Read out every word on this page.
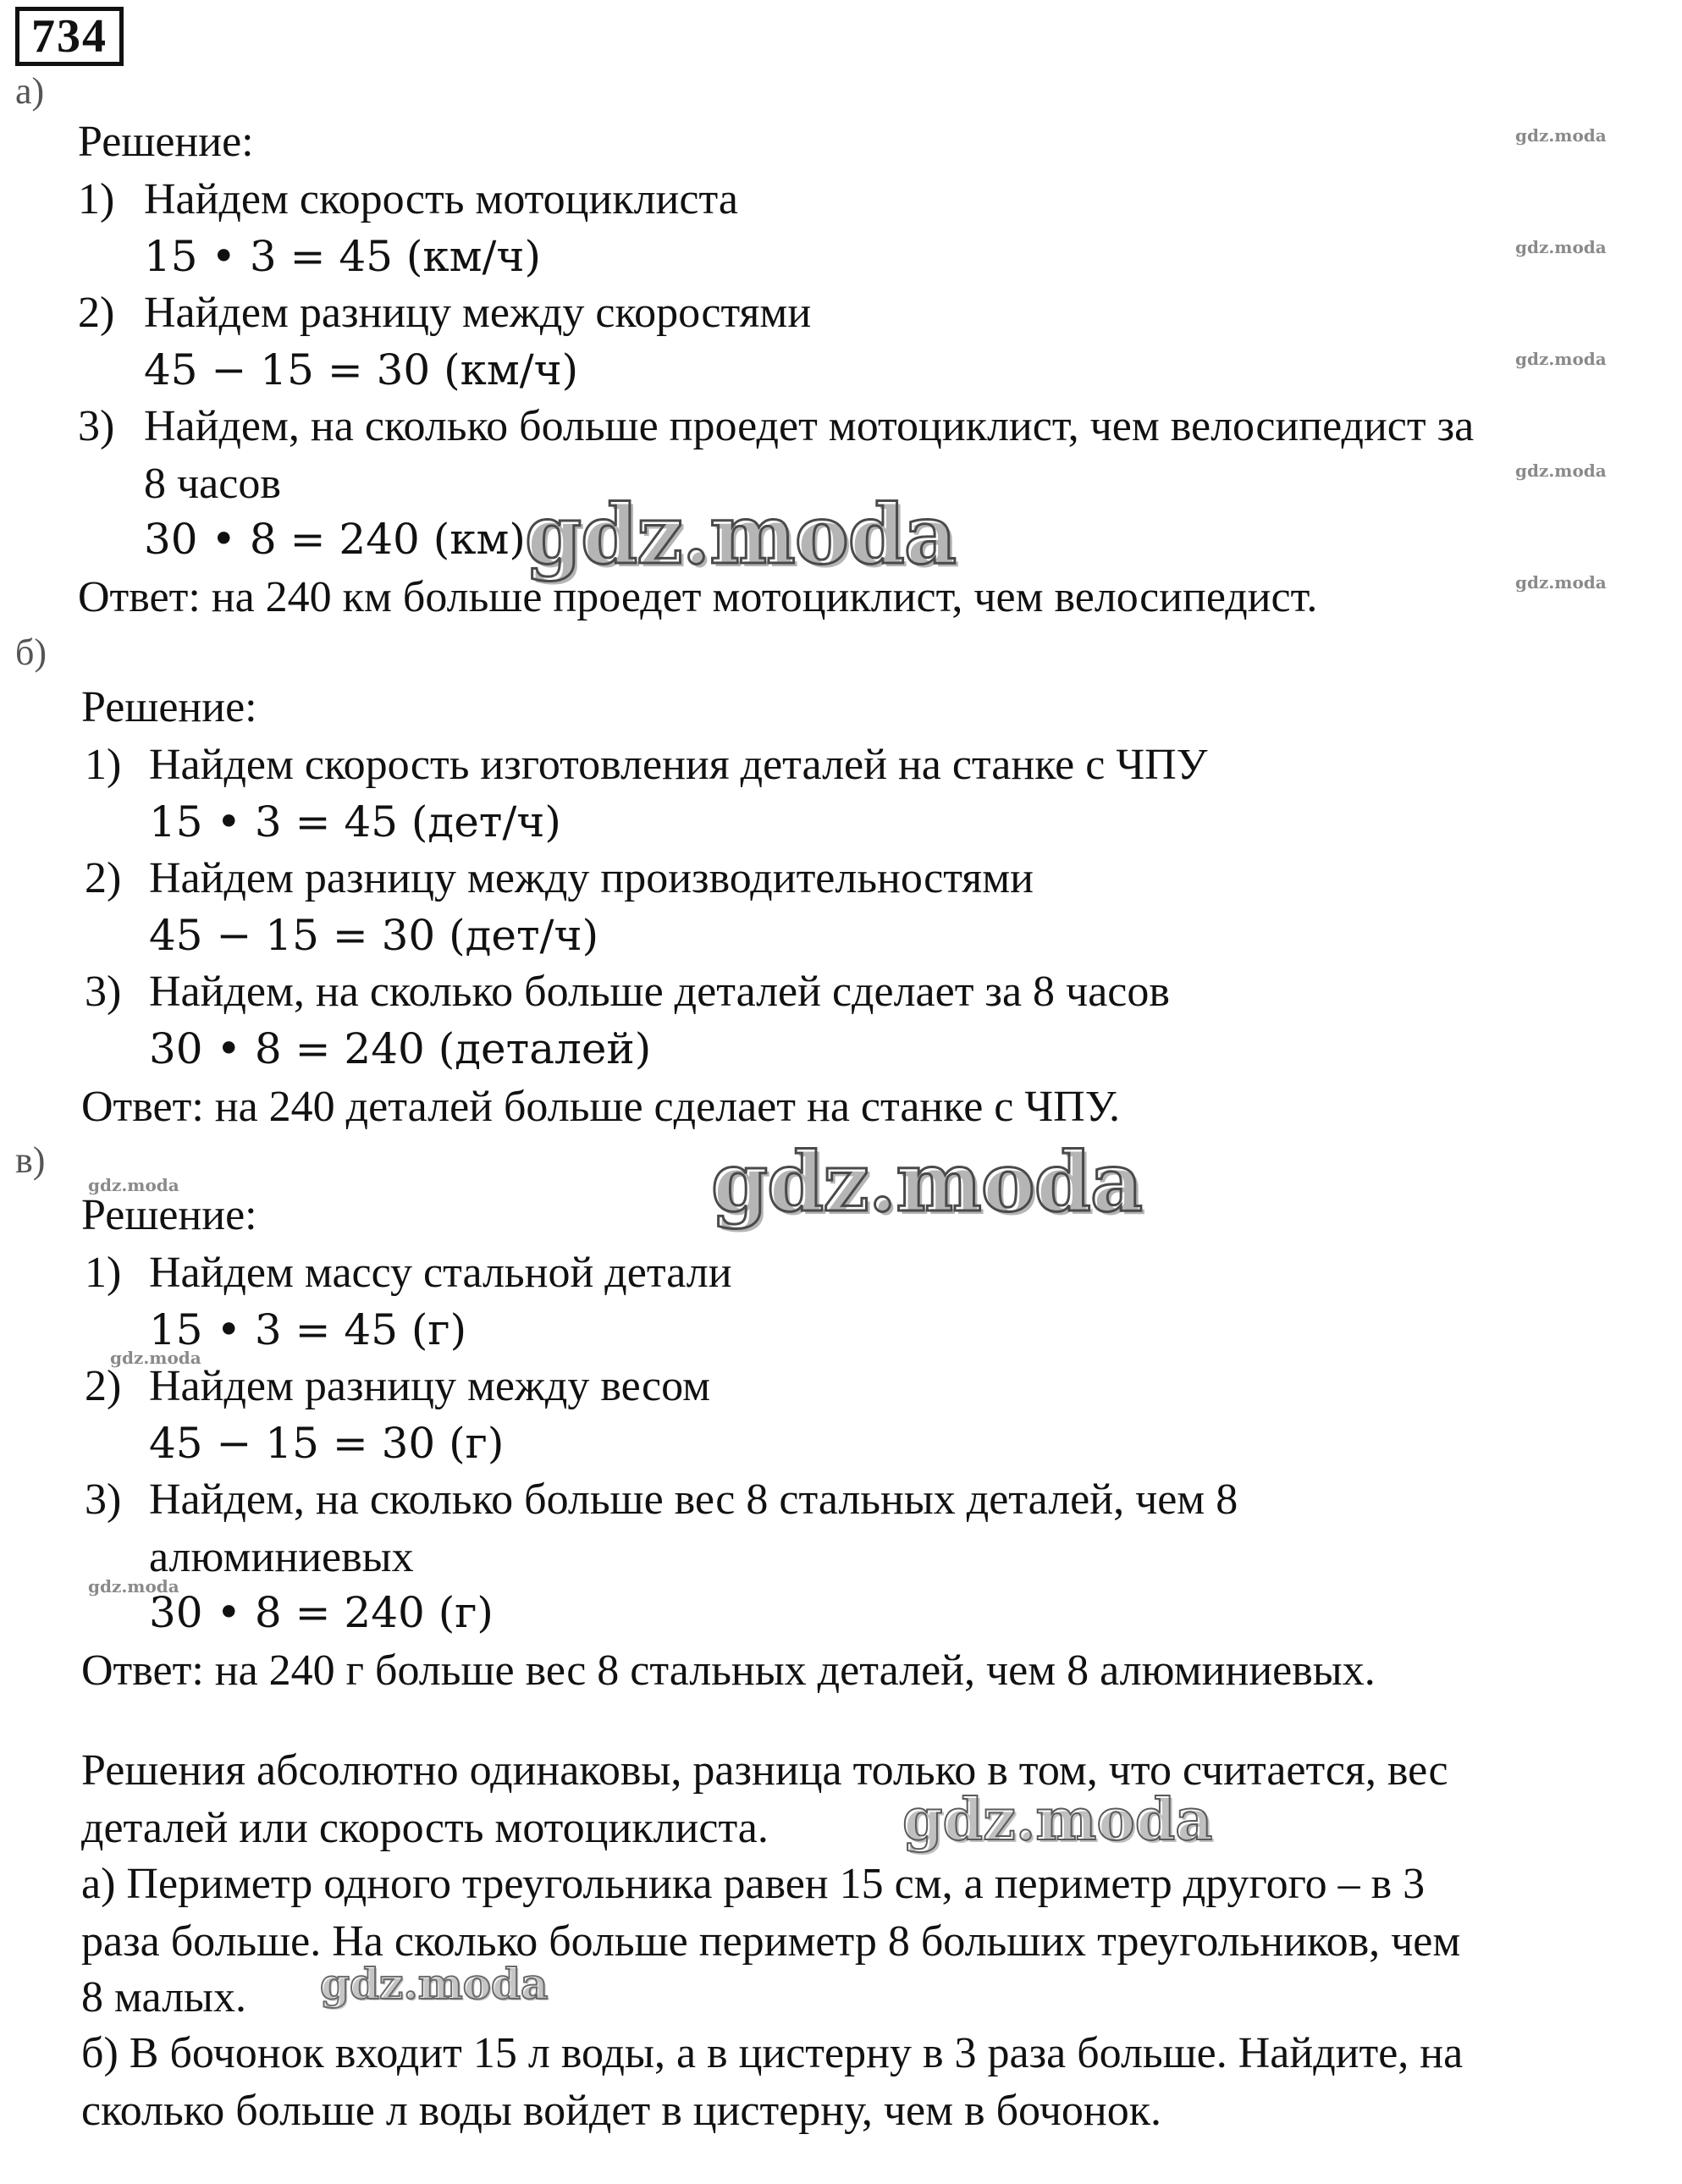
734
а)
Решение:
1) Найдем скорость мотоциклиста
15 • 3 = 45 (км/ч)
2) Найдем разницу между скоростями
45 − 15 = 30 (км/ч)
3) Найдем, на сколько больше проедет мотоциклист, чем велосипедист за
8 часов
30 • 8 = 240 (км)
Ответ: на 240 км больше проедет мотоциклист, чем велосипедист.
б)
Решение:
1) Найдем скорость изготовления деталей на станке с ЧПУ
15 • 3 = 45 (дет/ч)
2) Найдем разницу между производительностями
45 − 15 = 30 (дет/ч)
3) Найдем, на сколько больше деталей сделает за 8 часов
30 • 8 = 240 (деталей)
Ответ: на 240 деталей больше сделает на станке с ЧПУ.
в)
Решение:
1) Найдем массу стальной детали
15 • 3 = 45 (г)
2) Найдем разницу между весом
45 − 15 = 30 (г)
3) Найдем, на сколько больше вес 8 стальных деталей, чем 8
алюминиевых
30 • 8 = 240 (г)
Ответ: на 240 г больше вес 8 стальных деталей, чем 8 алюминиевых.
Решения абсолютно одинаковы, разница только в том, что считается, вес
деталей или скорость мотоциклиста.
а) Периметр одного треугольника равен 15 см, а периметр другого – в 3
раза больше. На сколько больше периметр 8 больших треугольников, чем
8 малых.
б) В бочонок входит 15 л воды, а в цистерну в 3 раза больше. Найдите, на
сколько больше л воды войдет в цистерну, чем в бочонок.
gdz.moda
gdz.moda
gdz.moda
gdz.moda
gdz.moda
gdz.moda
gdz.moda
gdz.moda
gdz.moda
gdz.moda
gdz.moda
gdz.moda
